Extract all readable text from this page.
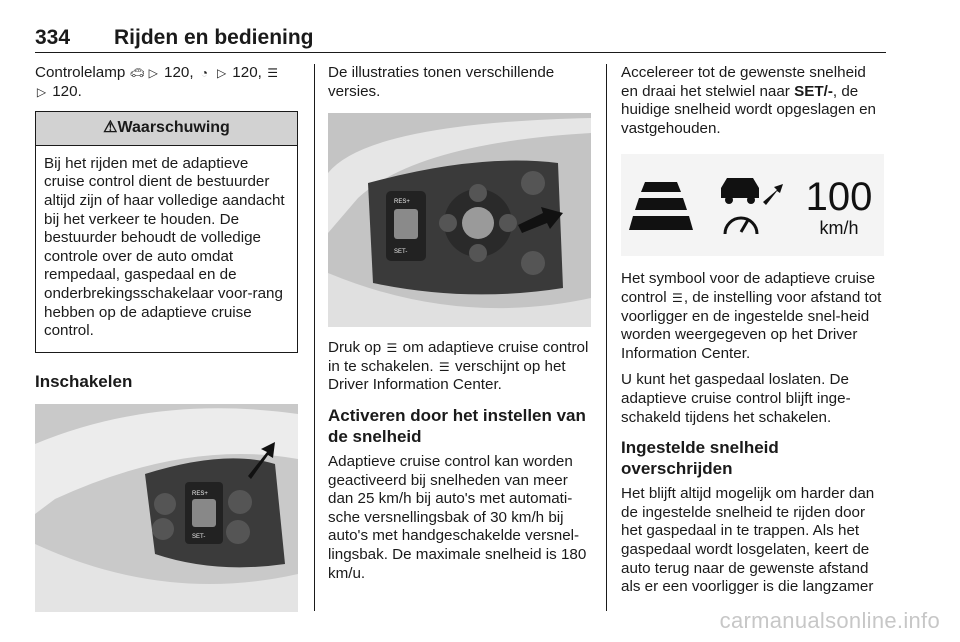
334 Rijden en bediening

Controlelamp 🚗︎ ▷ 120, ◔ ▷ 120, ☰
▷ 120.

⚠Waarschuwing
Bij het rijden met de adaptieve cruise control dient de bestuurder altijd zijn of haar volledige aandacht bij het verkeer te houden. De bestuurder behoudt de volledige controle over de auto omdat rempedaal, gaspedaal en de onderbrekingsschakelaar voor-rang hebben op de adaptieve cruise control.
Inschakelen
RES+
SET-

De illustraties tonen verschillende versies.

RES+
SET-

Druk op ☰ om adaptieve cruise control in te schakelen. ☰ verschijnt op het Driver Information Center.

Activeren door het instellen van de snelheid

Adaptieve cruise control kan worden geactiveerd bij snelheden van meer dan 25 km/h bij auto's met automati-sche versnellingsbak of 30 km/h bij auto's met handgeschakelde versnel-lingsbak. De maximale snelheid is 180 km/u.

Accelereer tot de gewenste snelheid en draai het stelwiel naar SET/-, de huidige snelheid wordt opgeslagen en vastgehouden.

100
km/h

Het symbool voor de adaptieve cruise control ☰, de instelling voor afstand tot voorligger en de ingestelde snel-heid worden weergegeven op het Driver Information Center.

U kunt het gaspedaal loslaten. De adaptieve cruise control blijft inge-schakeld tijdens het schakelen.

Ingestelde snelheid overschrijden

Het blijft altijd mogelijk om harder dan de ingestelde snelheid te rijden door het gaspedaal in te trappen. Als het gaspedaal wordt losgelaten, keert de auto terug naar de gewenste afstand als er een voorligger is die langzamer

carmanualsonline.info
